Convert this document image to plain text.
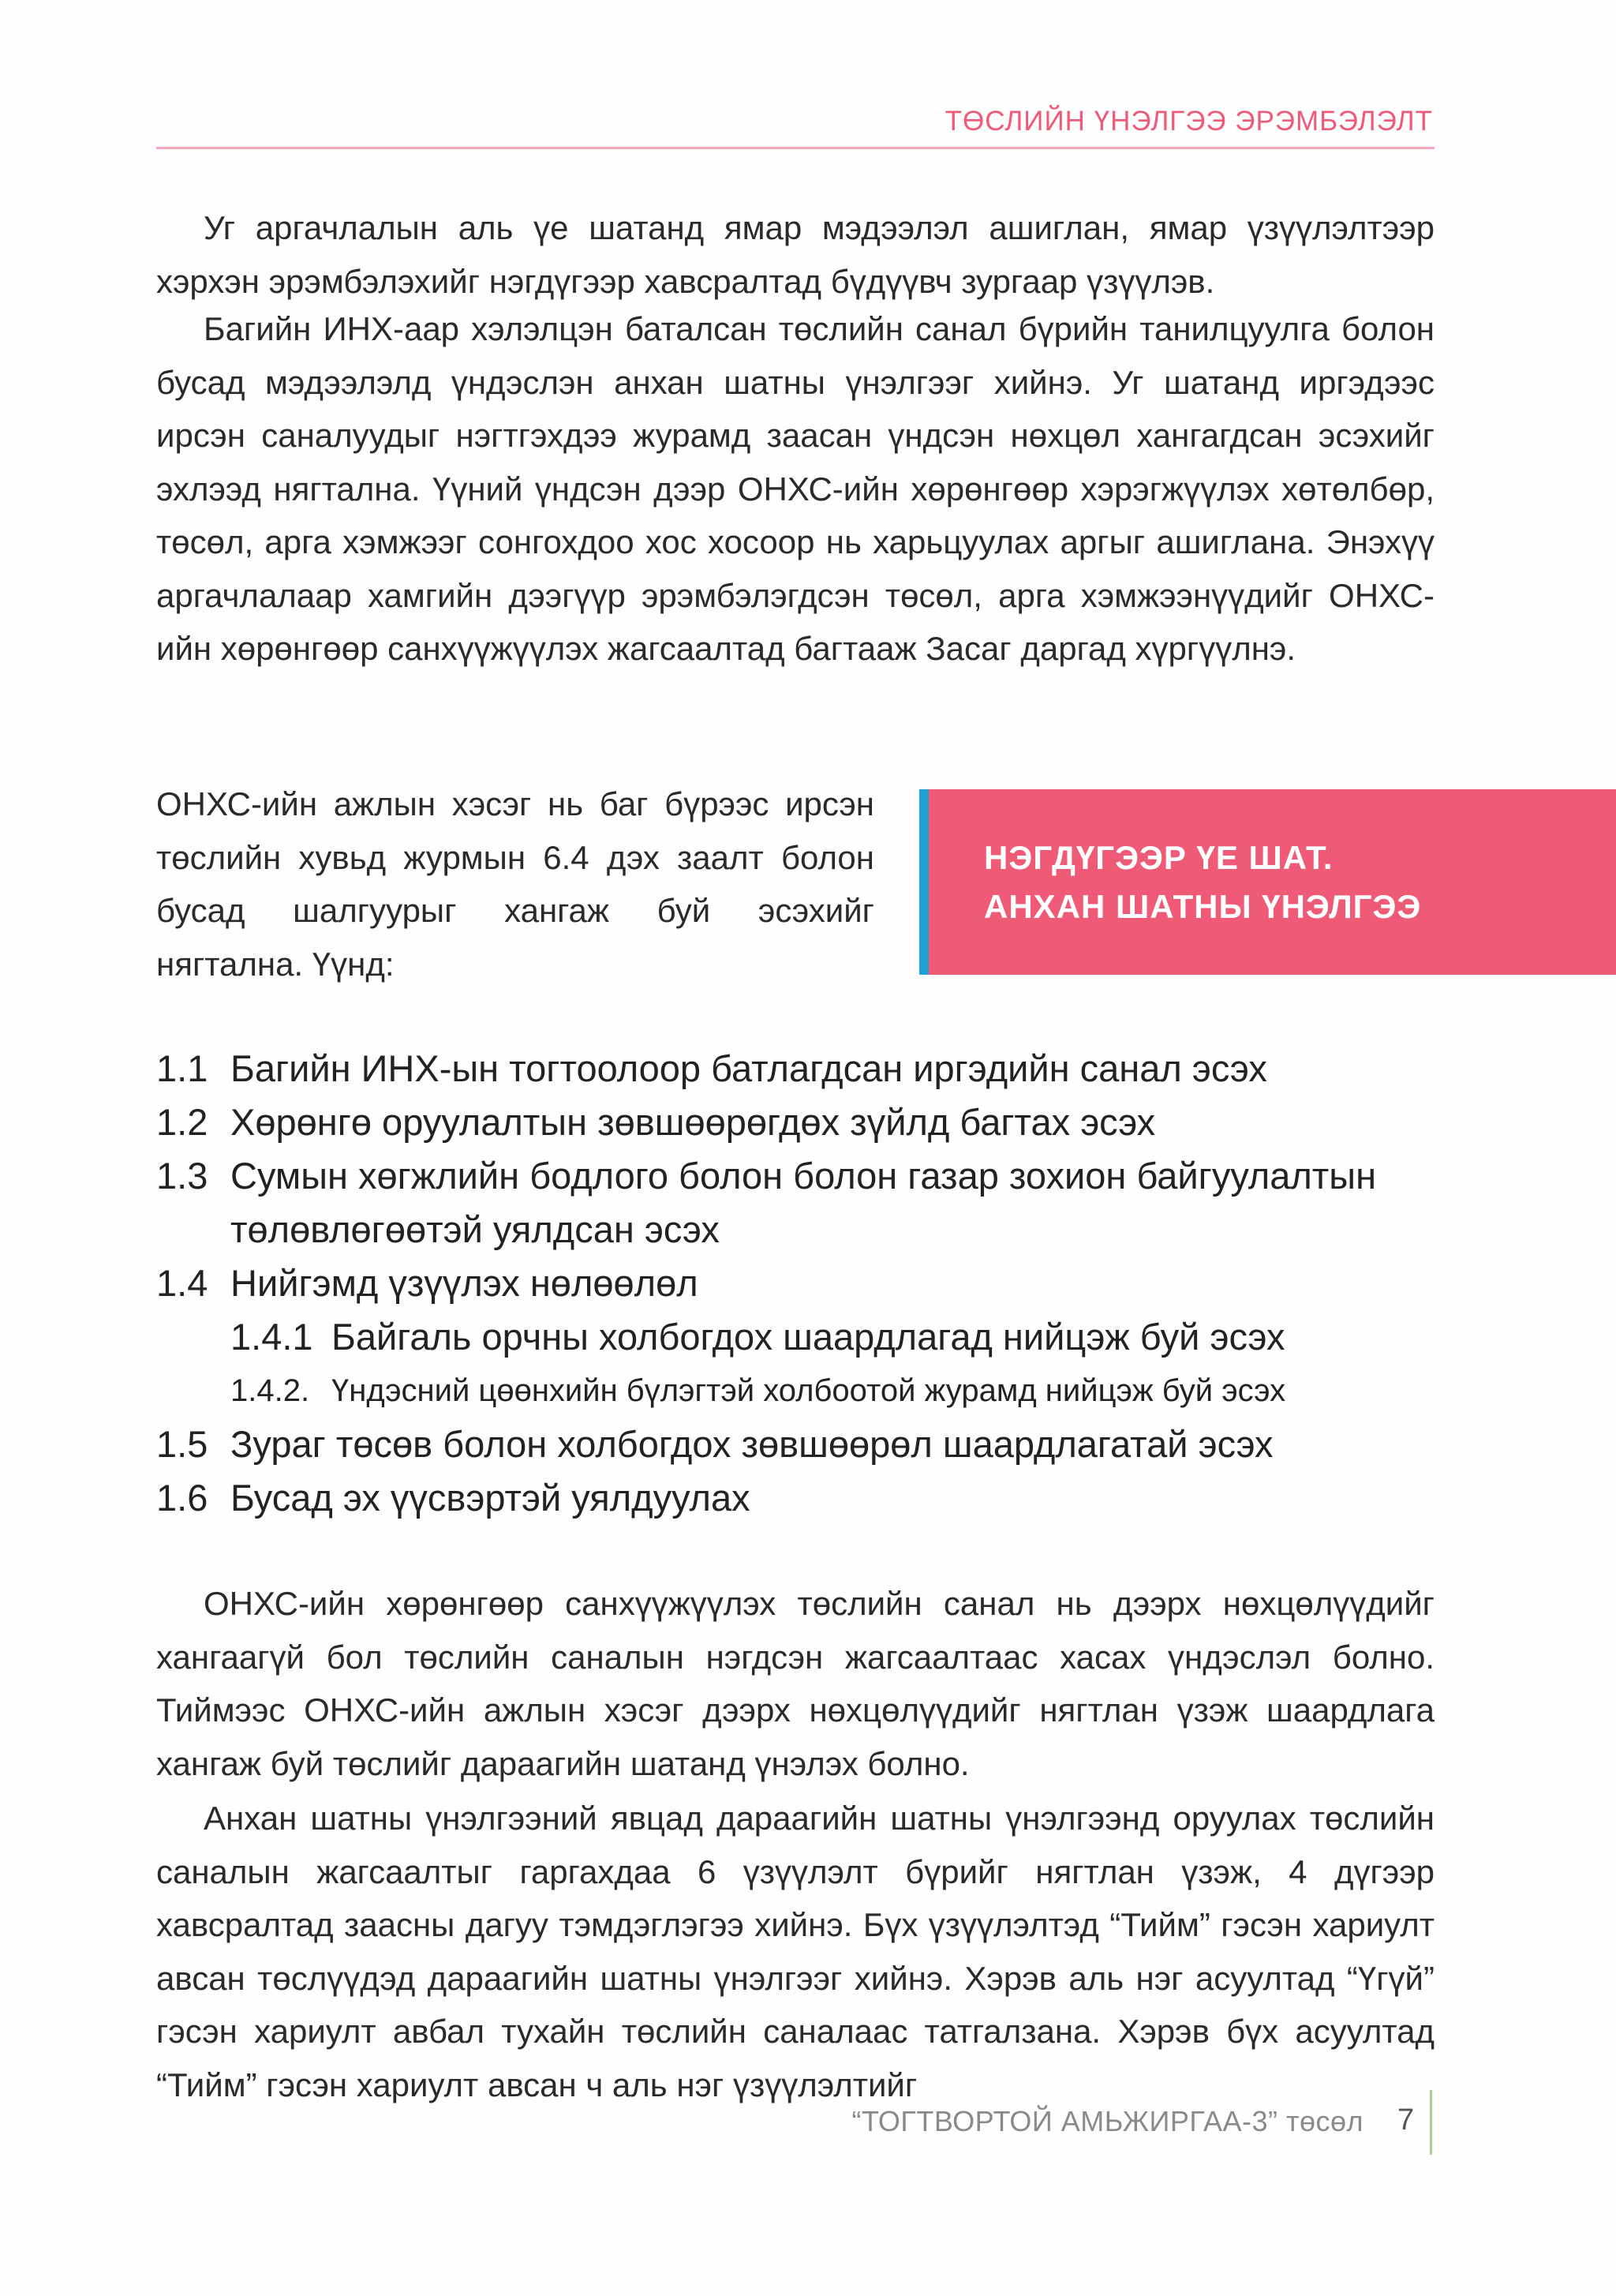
ТӨСЛИЙН ҮНЭЛГЭЭ ЭРЭМБЭЛЭЛТ

Уг аргачлалын аль үе шатанд ямар мэдээлэл ашиглан, ямар үзүүлэлтээр хэрхэн эрэмбэлэхийг нэгдүгээр хавсралтад бүдүүвч зургаар үзүүлэв.

Багийн ИНХ-аар хэлэлцэн баталсан төслийн санал бүрийн танилцуулга болон бусад мэдээлэлд үндэслэн анхан шатны үнэлгээг хийнэ. Уг шатанд иргэдээс ирсэн саналуудыг нэгтгэхдээ журамд заасан үндсэн нөхцөл хангагдсан эсэхийг эхлээд нягтална. Үүний үндсэн дээр ОНХС-ийн хөрөнгөөр хэрэгжүүлэх хөтөлбөр, төсөл, арга хэмжээг сонгохдоо хос хосоор нь харьцуулах аргыг ашиглана. Энэхүү аргачлалаар хамгийн дээгүүр эрэмбэлэгдсэн төсөл, арга хэмжээнүүдийг ОНХС-ийн хөрөнгөөр санхүүжүүлэх жагсаалтад багтааж Засаг даргад хүргүүлнэ.

ОНХС-ийн ажлын хэсэг нь баг бүрээс ирсэн төслийн хувьд журмын 6.4 дэх заалт болон бусад шалгуурыг хангаж буй эсэхийг нягтална. Үүнд:

НЭГДҮГЭЭР ҮЕ ШАТ.
АНХАН ШАТНЫ ҮНЭЛГЭЭ
1.1 Багийн ИНХ-ын тогтоолоор батлагдсан иргэдийн санал эсэх
1.2 Хөрөнгө оруулалтын зөвшөөрөгдөх зүйлд багтах эсэх
1.3 Сумын хөгжлийн бодлого болон болон газар зохион байгуулалтын төлөвлөгөөтэй уялдсан эсэх
1.4 Нийгэмд үзүүлэх нөлөөлөл
1.4.1 Байгаль орчны холбогдох шаардлагад нийцэж буй эсэх
1.4.2. Үндэсний цөөнхийн бүлэгтэй холбоотой журамд нийцэж буй эсэх
1.5 Зураг төсөв болон холбогдох зөвшөөрөл шаардлагатай эсэх
1.6 Бусад эх үүсвэртэй уялдуулах

ОНХС-ийн хөрөнгөөр санхүүжүүлэх төслийн санал нь дээрх нөхцөлүүдийг хангаагүй бол төслийн саналын нэгдсэн жагсаалтаас хасах үндэслэл болно. Тиймээс ОНХС-ийн ажлын хэсэг дээрх нөхцөлүүдийг нягтлан үзэж шаардлага хангаж буй төслийг дараагийн шатанд үнэлэх болно.

Анхан шатны үнэлгээний явцад дараагийн шатны үнэлгээнд оруулах төслийн саналын жагсаалтыг гаргахдаа 6 үзүүлэлт бүрийг нягтлан үзэж, 4 дүгээр хавсралтад заасны дагуу тэмдэглэгээ хийнэ. Бүх үзүүлэлтэд “Тийм” гэсэн хариулт авсан төслүүдэд дараагийн шатны үнэлгээг хийнэ. Хэрэв аль нэг асуултад “Үгүй” гэсэн хариулт авбал тухайн төслийн саналаас татгалзана. Хэрэв бүх асуултад “Тийм” гэсэн хариулт авсан ч аль нэг үзүүлэлтийг

“ТОГТВОРТОЙ АМЬЖИРГАА-3” төсөл 7
